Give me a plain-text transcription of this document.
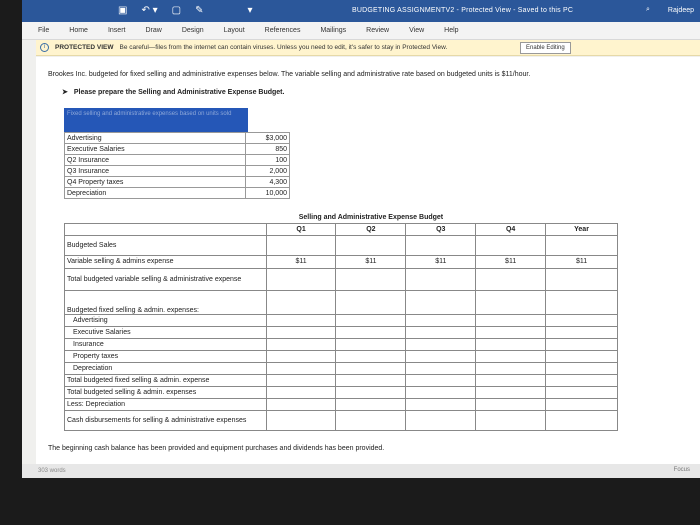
▣ ↶ ▾ ▢ ✎	▾	BUDGETING ASSIGNMENTV2 - Protected View - Saved to this PC	⌕	Rajdeep
File	Home	Insert	Draw	Design	Layout	References	Mailings	Review	View	Help
i	PROTECTED VIEW Be careful—files from the internet can contain viruses. Unless you need to edit, it's safer to stay in Protected View.	Enable Editing
Brookes Inc. budgeted for fixed selling and administrative expenses below. The variable selling and administrative rate based on budgeted units is $11/hour.
➤ Please prepare the Selling and Administrative Expense Budget.
Fixed selling and administrative expenses based on units sold
Advertising	$3,000
Executive Salaries	850
Q2 Insurance	100
Q3 Insurance	2,000
Q4 Property taxes	4,300
Depreciation	10,000
	Selling and Administrative Expense Budget				
	Q1	Q2	Q3	Q4	Year
Budgeted Sales					
Variable selling & admins expense	$11	$11	$11	$11	$11
Total budgeted variable selling & administrative expense					
Budgeted fixed selling & admin. expenses:					
Advertising					
Executive Salaries					
Insurance					
Property taxes					
Depreciation					
Total budgeted fixed selling & admin. expense					
Total budgeted selling & admin. expenses					
Less: Depreciation					
Cash disbursements for selling & administrative expenses					
The beginning cash balance has been provided and equipment purchases and dividends has been provided.
303 words	Focus
